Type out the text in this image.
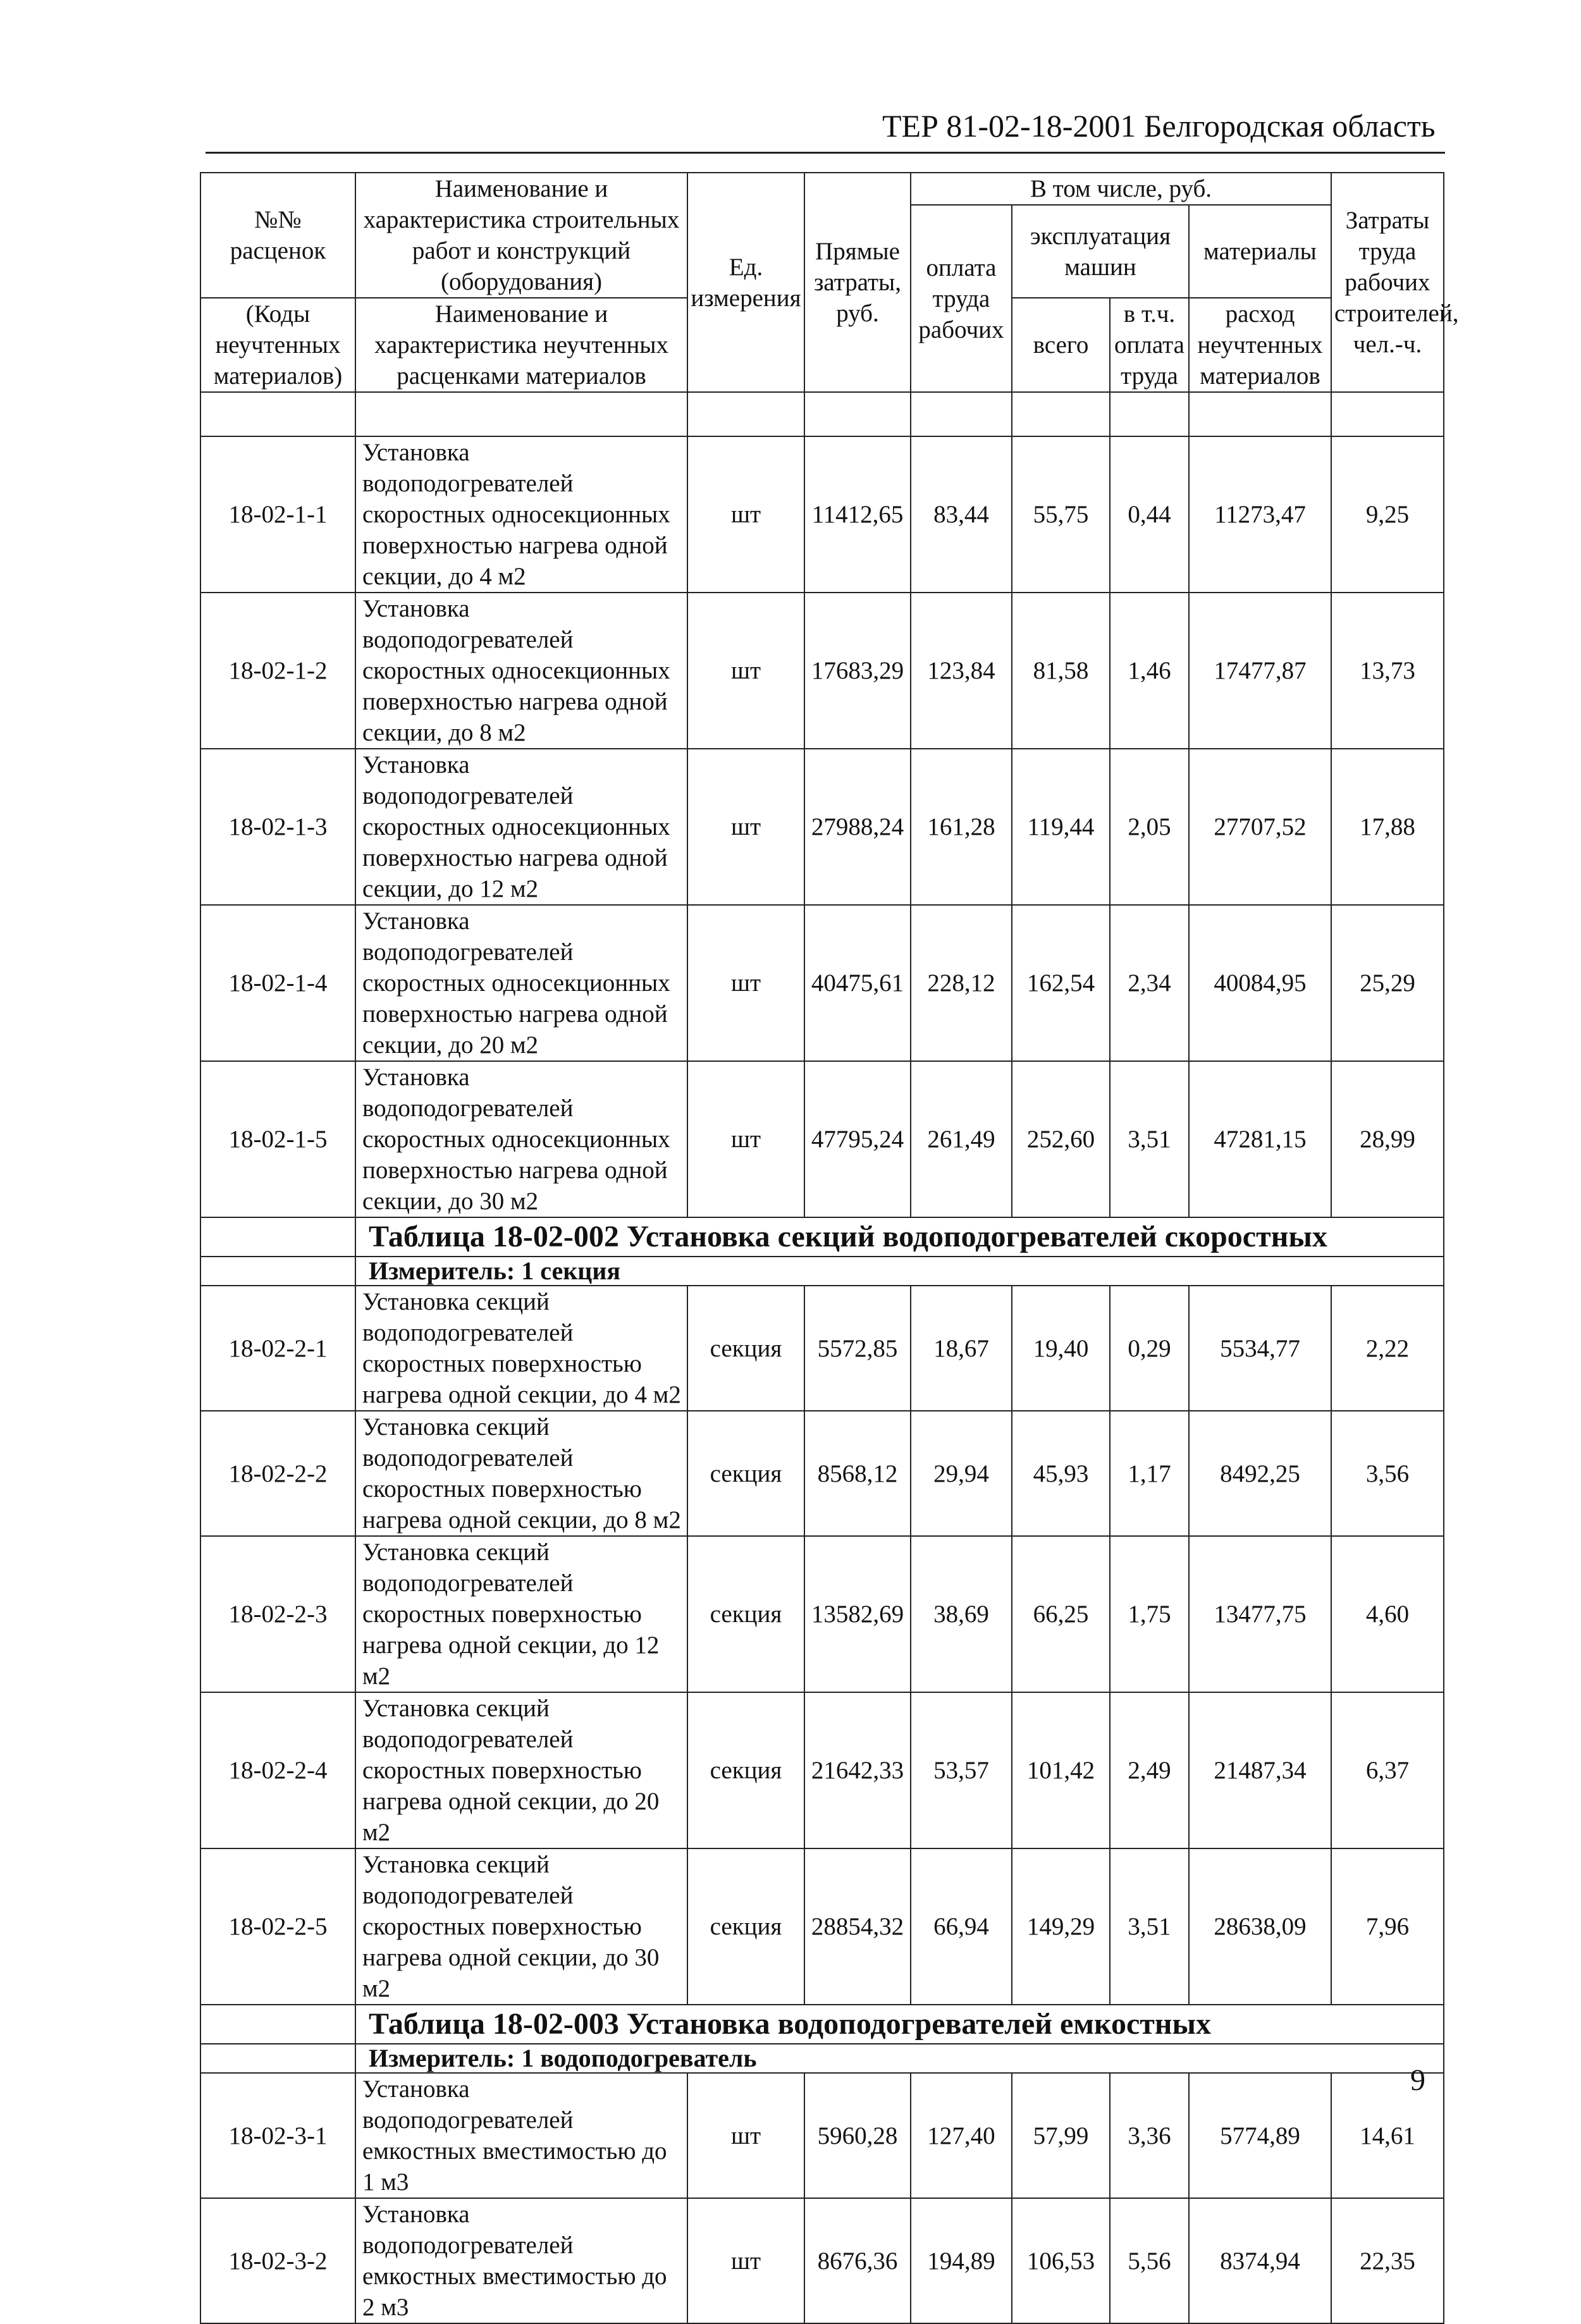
ТЕР 81-02-18-2001 Белгородская область
№№ расценок	Наименование и характеристика строительных работ и конструкций (оборудования)	Ед. измерения	Прямые затраты, руб.	В том числе, руб.				Затраты труда рабочих строителей, чел.-ч.
				оплата труда рабочих	эксплуатация машин		материалы	
(Коды неучтенных материалов)	Наименование и характеристика неучтенных расценками материалов				всего	в т.ч. оплата труда	расход неучтенных материалов	

18-02-1-1	Установка водоподогревателей скоростных односекционных поверхностью нагрева одной секции, до 4 м2	шт	11412,65	83,44	55,75	0,44	11273,47	9,25
18-02-1-2	Установка водоподогревателей скоростных односекционных поверхностью нагрева одной секции, до 8 м2	шт	17683,29	123,84	81,58	1,46	17477,87	13,73
18-02-1-3	Установка водоподогревателей скоростных односекционных поверхностью нагрева одной секции, до 12 м2	шт	27988,24	161,28	119,44	2,05	27707,52	17,88
18-02-1-4	Установка водоподогревателей скоростных односекционных поверхностью нагрева одной секции, до 20 м2	шт	40475,61	228,12	162,54	2,34	40084,95	25,29
18-02-1-5	Установка водоподогревателей скоростных односекционных поверхностью нагрева одной секции, до 30 м2	шт	47795,24	261,49	252,60	3,51	47281,15	28,99
	Таблица 18-02-002 Установка секций водоподогревателей скоростных							
	Измеритель: 1 секция							
18-02-2-1	Установка секций водоподогревателей скоростных поверхностью нагрева одной секции, до 4 м2	секция	5572,85	18,67	19,40	0,29	5534,77	2,22
18-02-2-2	Установка секций водоподогревателей скоростных поверхностью нагрева одной секции, до 8 м2	секция	8568,12	29,94	45,93	1,17	8492,25	3,56
18-02-2-3	Установка секций водоподогревателей скоростных поверхностью нагрева одной секции, до 12 м2	секция	13582,69	38,69	66,25	1,75	13477,75	4,60
18-02-2-4	Установка секций водоподогревателей скоростных поверхностью нагрева одной секции, до 20 м2	секция	21642,33	53,57	101,42	2,49	21487,34	6,37
18-02-2-5	Установка секций водоподогревателей скоростных поверхностью нагрева одной секции, до 30 м2	секция	28854,32	66,94	149,29	3,51	28638,09	7,96
	Таблица 18-02-003 Установка водоподогревателей емкостных							
	Измеритель: 1 водоподогреватель							
18-02-3-1	Установка водоподогревателей емкостных вместимостью до 1 м3	шт	5960,28	127,40	57,99	3,36	5774,89	14,61
18-02-3-2	Установка водоподогревателей емкостных вместимостью до 2 м3	шт	8676,36	194,89	106,53	5,56	8374,94	22,35
9
